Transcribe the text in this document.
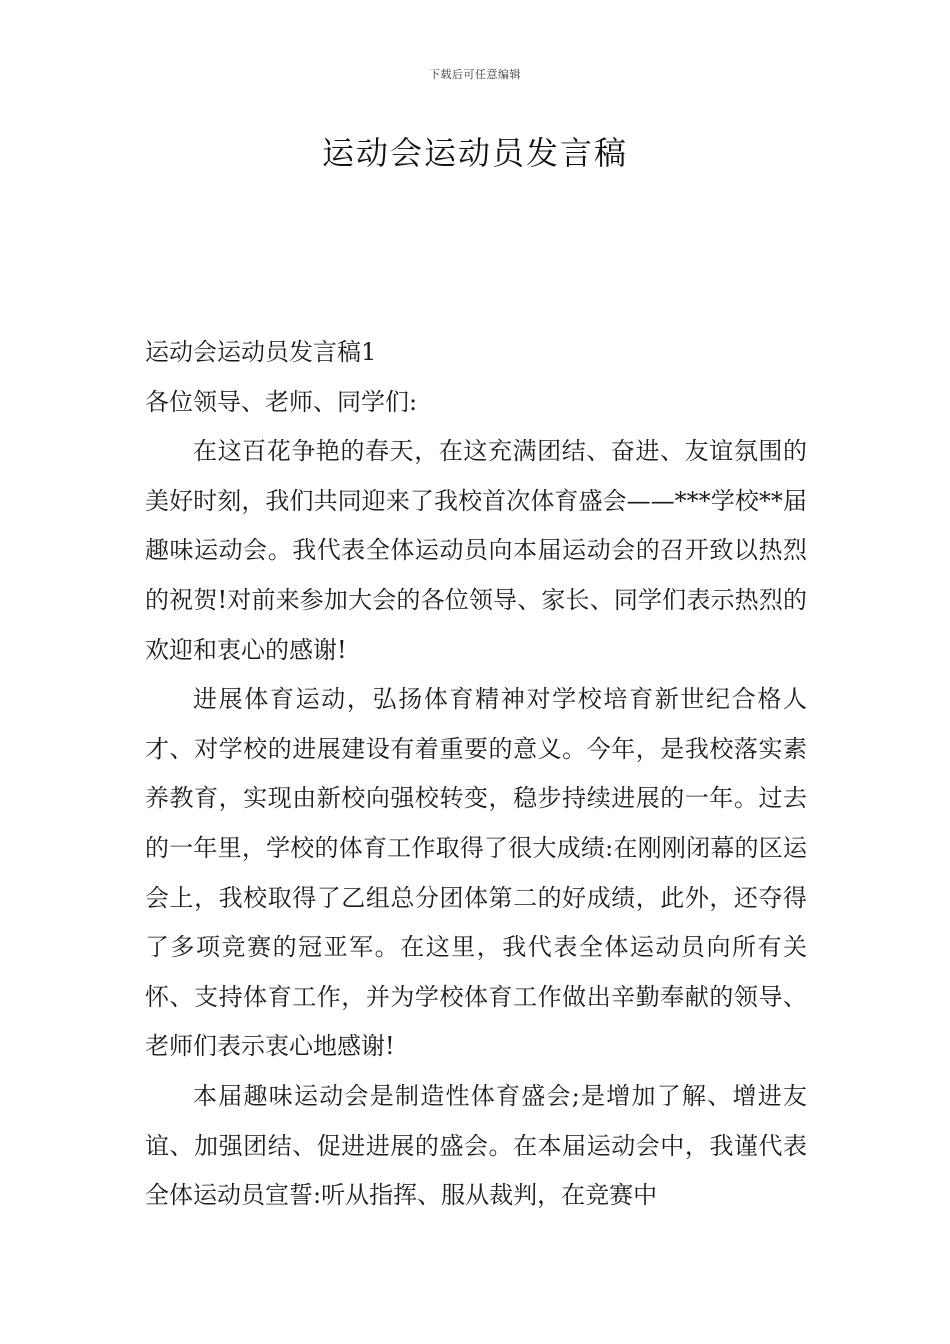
下载后可任意编辑
运动会运动员发言稿

运动会运动员发言稿1

各位领导、老师、同学们:

在这百花争艳的春天，在这充满团结、奋进、友谊氛围的美好时刻，我们共同迎来了我校首次体育盛会——***学校**届趣味运动会。我代表全体运动员向本届运动会的召开致以热烈的祝贺!对前来参加大会的各位领导、家长、同学们表示热烈的欢迎和衷心的感谢!

进展体育运动，弘扬体育精神对学校培育新世纪合格人才、对学校的进展建设有着重要的意义。今年，是我校落实素养教育，实现由新校向强校转变，稳步持续进展的一年。过去的一年里，学校的体育工作取得了很大成绩:在刚刚闭幕的区运会上，我校取得了乙组总分团体第二的好成绩，此外，还夺得了多项竞赛的冠亚军。在这里，我代表全体运动员向所有关怀、支持体育工作，并为学校体育工作做出辛勤奉献的领导、老师们表示衷心地感谢!

本届趣味运动会是制造性体育盛会;是增加了解、增进友谊、加强团结、促进进展的盛会。在本届运动会中，我谨代表全体运动员宣誓:听从指挥、服从裁判，在竞赛中
